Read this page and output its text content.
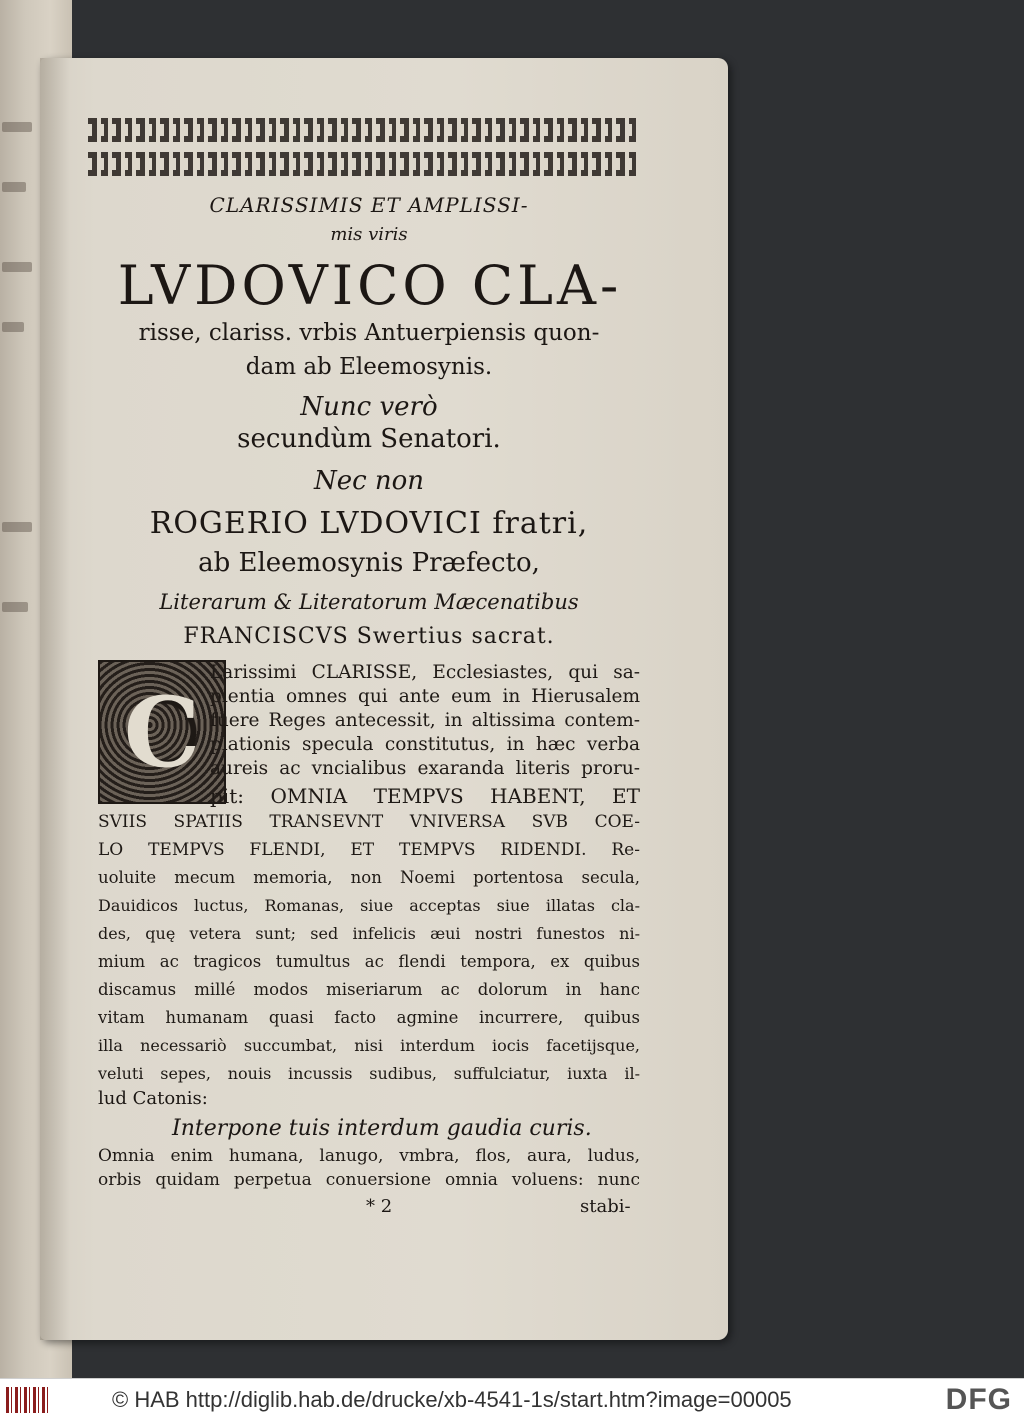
CLARISSIMIS ET AMPLISSI-
mis viris
LVDOVICO CLA-
risse, clariss. vrbis Antuerpiensis quon-
dam ab Eleemosynis.
Nunc verò
secundùm Senatori.
Nec non
ROGERIO LVDOVICI fratri,
ab Eleemosynis Præfecto,
Literarum & Literatorum Mæcenatibus
FRANCISCVS Swertius sacrat.
C
Larissimi CLARISSE, Ecclesiastes, qui sa-
pientia omnes qui ante eum in Hierusalem
fuere Reges antecessit, in altissima contem-
plationis specula constitutus, in hæc verba
aureis ac vncialibus exaranda literis proru-
pit: OMNIA TEMPVS HABENT, ET
SVIIS SPATIIS TRANSEVNT VNIVERSA SVB COE-
LO TEMPVS FLENDI, ET TEMPVS RIDENDI. Re-
uoluite mecum memoria, non Noemi portentosa secula,
Dauidicos luctus, Romanas, siue acceptas siue illatas cla-
des, quę vetera sunt; sed infelicis æui nostri funestos ni-
mium ac tragicos tumultus ac flendi tempora, ex quibus
discamus millé modos miseriarum ac dolorum in hanc
vitam humanam quasi facto agmine incurrere, quibus
illa necessariò succumbat, nisi interdum iocis facetijsque,
veluti sepes, nouis incussis sudibus, suffulciatur, iuxta il-
lud Catonis:
Interpone tuis interdum gaudia curis.
Omnia enim humana, lanugo, vmbra, flos, aura, ludus,
orbis quidam perpetua conuersione omnia voluens: nunc
* 2	stabi-
© HAB http://diglib.hab.de/drucke/xb-4541-1s/start.htm?image=00005	DFG
